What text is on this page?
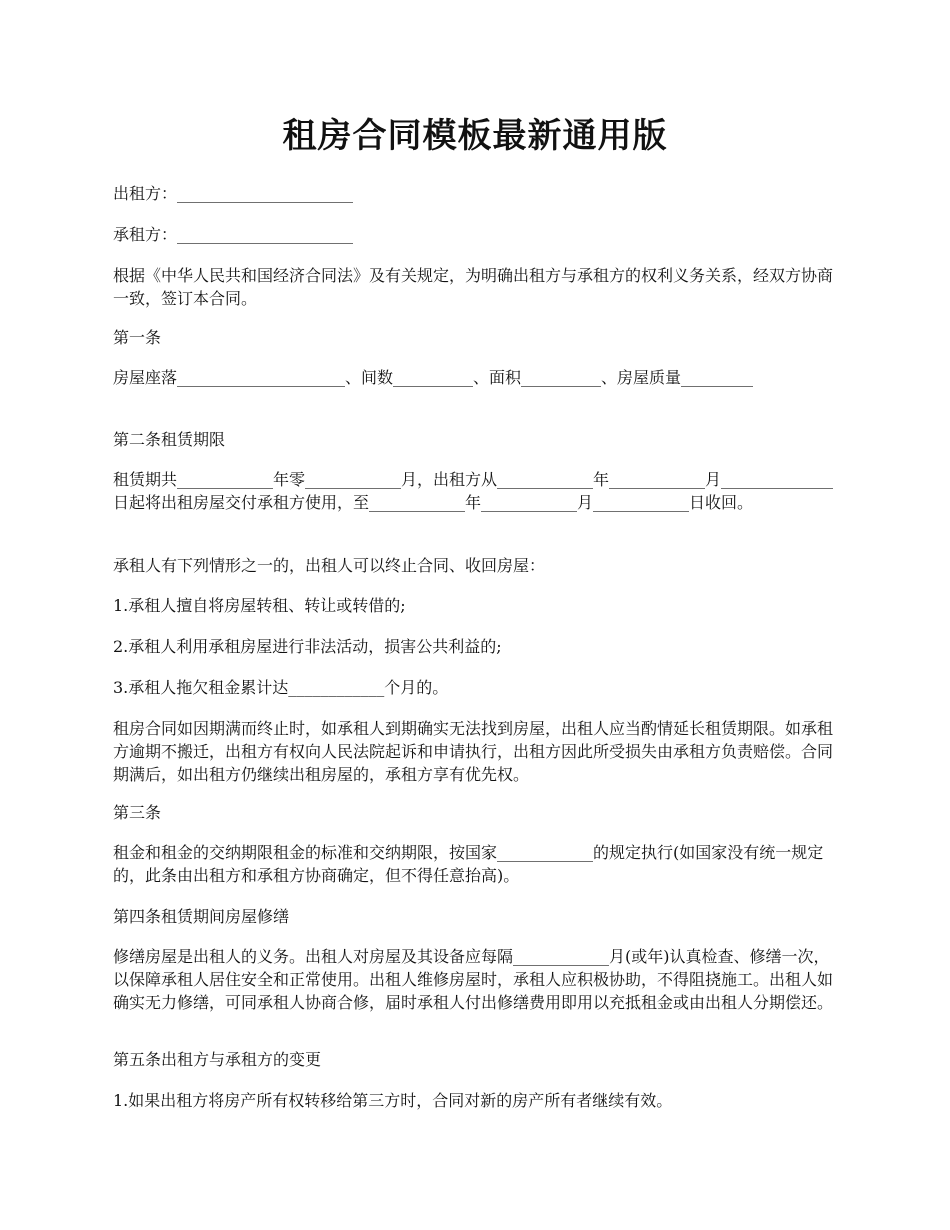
租房合同模板最新通用版

出租方：______________________

承租方：______________________

根据《中华人民共和国经济合同法》及有关规定，为明确出租方与承租方的权利义务关系，经双方协商一致，签订本合同。

第一条

房屋座落_____________________、间数__________、面积__________、房屋质量_________

第二条租赁期限

租赁期共____________年零____________月，出租方从____________年____________月______________日起将出租房屋交付承租方使用，至____________年____________月____________日收回。

承租人有下列情形之一的，出租人可以终止合同、收回房屋：

1.承租人擅自将房屋转租、转让或转借的;

2.承租人利用承租房屋进行非法活动，损害公共利益的;

3.承租人拖欠租金累计达____________个月的。

租房合同如因期满而终止时，如承租人到期确实无法找到房屋，出租人应当酌情延长租赁期限。如承租方逾期不搬迁，出租方有权向人民法院起诉和申请执行，出租方因此所受损失由承租方负责赔偿。合同期满后，如出租方仍继续出租房屋的，承租方享有优先权。

第三条

租金和租金的交纳期限租金的标准和交纳期限，按国家____________的规定执行(如国家没有统一规定的，此条由出租方和承租方协商确定，但不得任意抬高)。

第四条租赁期间房屋修缮

修缮房屋是出租人的义务。出租人对房屋及其设备应每隔____________月(或年)认真检查、修缮一次，以保障承租人居住安全和正常使用。出租人维修房屋时，承租人应积极协助，不得阻挠施工。出租人如确实无力修缮，可同承租人协商合修，届时承租人付出修缮费用即用以充抵租金或由出租人分期偿还。

第五条出租方与承租方的变更

1.如果出租方将房产所有权转移给第三方时，合同对新的房产所有者继续有效。
